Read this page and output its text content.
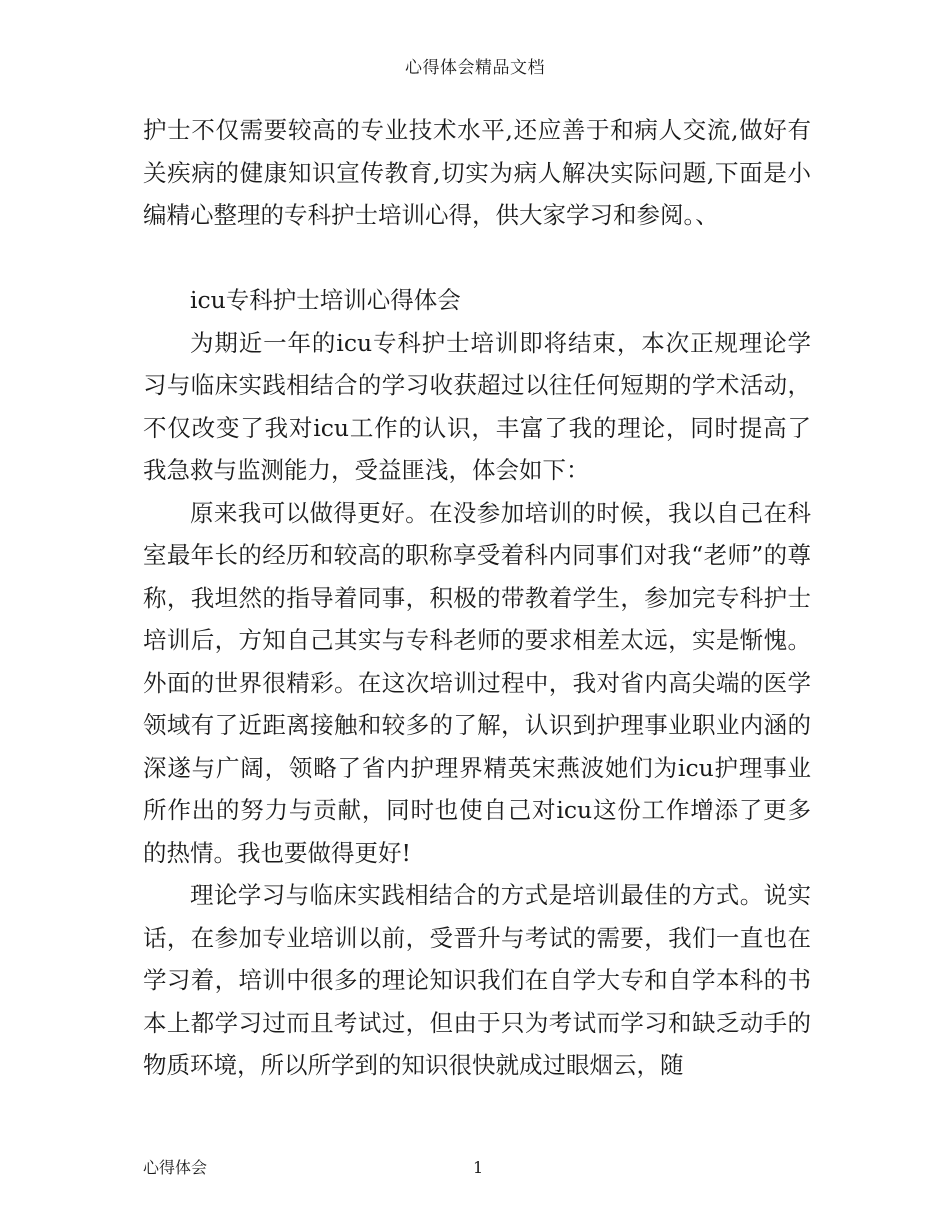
心得体会精品文档

护士不仅需要较高的专业技术水平,还应善于和病人交流,做好有关疾病的健康知识宣传教育,切实为病人解决实际问题,下面是小编精心整理的专科护士培训心得，供大家学习和参阅。、

icu专科护士培训心得体会

为期近一年的icu专科护士培训即将结束，本次正规理论学习与临床实践相结合的学习收获超过以往任何短期的学术活动，不仅改变了我对icu工作的认识，丰富了我的理论，同时提高了我急救与监测能力，受益匪浅，体会如下：

原来我可以做得更好。在没参加培训的时候，我以自己在科室最年长的经历和较高的职称享受着科内同事们对我“老师”的尊称，我坦然的指导着同事，积极的带教着学生，参加完专科护士培训后，方知自己其实与专科老师的要求相差太远，实是惭愧。外面的世界很精彩。在这次培训过程中，我对省内高尖端的医学领域有了近距离接触和较多的了解，认识到护理事业职业内涵的深遂与广阔，领略了省内护理界精英宋燕波她们为icu护理事业所作出的努力与贡献，同时也使自己对icu这份工作增添了更多的热情。我也要做得更好!

理论学习与临床实践相结合的方式是培训最佳的方式。说实话，在参加专业培训以前，受晋升与考试的需要，我们一直也在学习着，培训中很多的理论知识我们在自学大专和自学本科的书本上都学习过而且考试过，但由于只为考试而学习和缺乏动手的物质环境，所以所学到的知识很快就成过眼烟云，随

心得体会	1
